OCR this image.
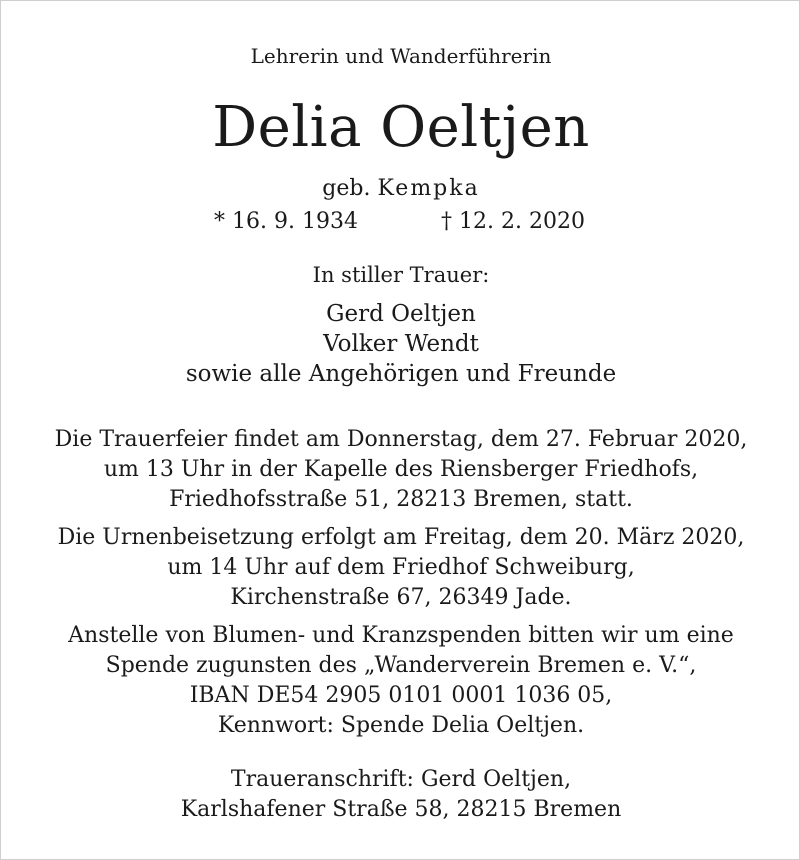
Lehrerin und Wanderführerin
Delia Oeltjen
geb. Kempka
* 16. 9. 1934	† 12. 2. 2020
In stiller Trauer:
Gerd Oeltjen
Volker Wendt
sowie alle Angehörigen und Freunde
Die Trauerfeier findet am Donnerstag, dem 27. Februar 2020,
um 13 Uhr in der Kapelle des Riensberger Friedhofs,
Friedhofsstraße 51, 28213 Bremen, statt.
Die Urnenbeisetzung erfolgt am Freitag, dem 20. März 2020,
um 14 Uhr auf dem Friedhof Schweiburg,
Kirchenstraße 67, 26349 Jade.
Anstelle von Blumen- und Kranzspenden bitten wir um eine
Spende zugunsten des „Wanderverein Bremen e. V.“,
IBAN DE54 2905 0101 0001 1036 05,
Kennwort: Spende Delia Oeltjen.
Traueranschrift: Gerd Oeltjen,
Karlshafener Straße 58, 28215 Bremen
